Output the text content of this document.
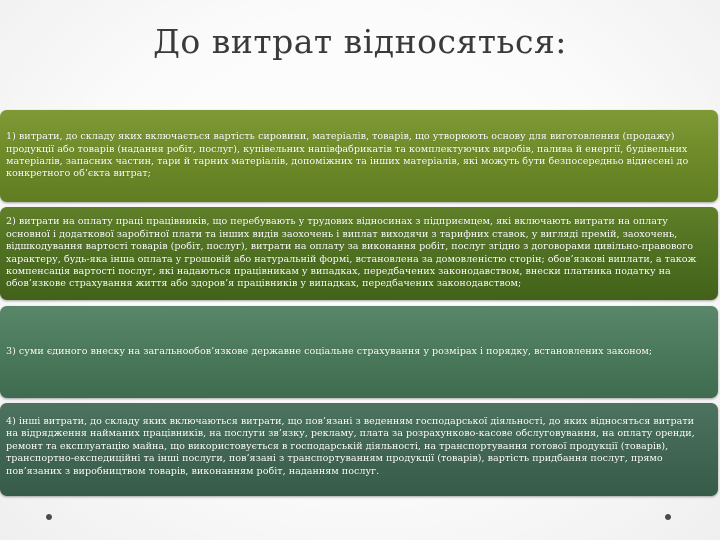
До витрат відносяться:
1) витрати, до складу яких включається вартість сировини, матеріалів, товарів, що утворюють основу для виготовлення (продажу) продукції або товарів (надання робіт, послуг), купівельних напівфабрикатів та комплектуючих виробів, палива й енергії, будівельних матеріалів, запасних частин, тари й тарних матеріалів, допоміжних та інших матеріалів, які можуть бути безпосередньо віднесені до конкретного об’єкта витрат;
2) витрати на оплату праці працівників, що перебувають у трудових відносинах з підприємцем, які включають витрати на оплату основної і додаткової заробітної плати та інших видів заохочень і виплат виходячи з тарифних ставок, у вигляді премій, заохочень, відшкодування вартості товарів (робіт, послуг), витрати на оплату за виконання робіт, послуг згідно з договорами цивільно-правового характеру, будь-яка інша оплата у грошовій або натуральній формі, встановлена за домовленістю сторін; обов’язкові виплати, а також компенсація вартості послуг, які надаються працівникам у випадках, передбачених законодавством, внески платника податку на обов’язкове страхування життя або здоров’я працівників у випадках, передбачених законодавством;
3) суми єдиного внеску на загальнообов’язкове державне соціальне страхування у розмірах і порядку, встановлених законом;
4) інші витрати, до складу яких включаються витрати, що пов’язані з веденням господарської діяльності, до яких відносяться витрати на відрядження найманих працівників, на послуги зв’язку, рекламу, плата за розрахунково-касове обслуговування, на оплату оренди, ремонт та експлуатацію майна, що використовується в господарській діяльності, на транспортування готової продукції (товарів), транспортно-експедиційні та інші послуги, пов’язані з транспортуванням продукції (товарів), вартість придбання послуг, прямо пов’язаних з виробництвом товарів, виконанням робіт, наданням послуг.
